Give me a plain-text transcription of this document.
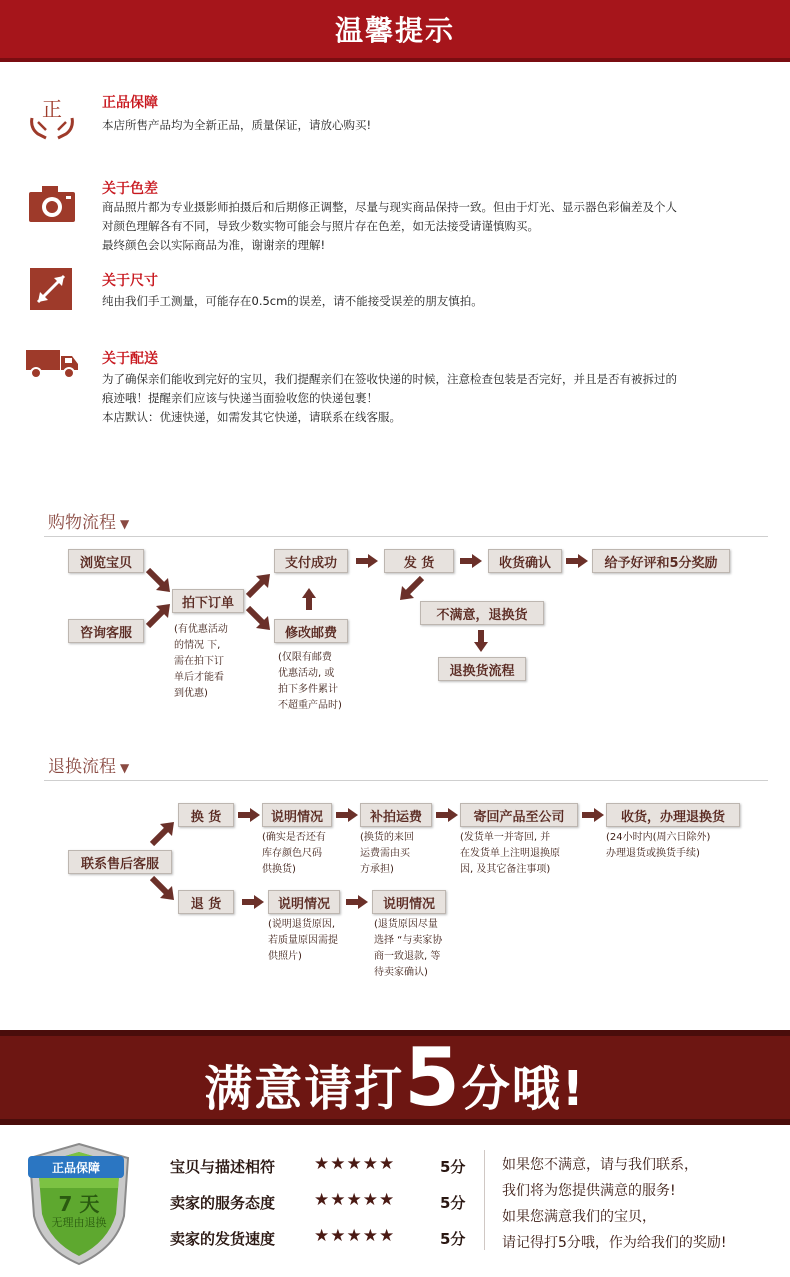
温馨提示
正	正品保障
本店所售产品均为全新正品，质量保证，请放心购买!
关于色差
商品照片都为专业摄影师拍摄后和后期修正调整，尽量与现实商品保持一致。但由于灯光、显示器色彩偏差及个人
对颜色理解各有不同，导致少数实物可能会与照片存在色差，如无法接受请谨慎购买。
最终颜色会以实际商品为准，谢谢亲的理解!
关于尺寸
纯由我们手工测量，可能存在0.5cm的误差，请不能接受误差的朋友慎拍。
关于配送
为了确保亲们能收到完好的宝贝，我们提醒亲们在签收快递的时候，注意检查包装是否完好，并且是否有被拆过的
痕迹哦！提醒亲们应该与快递当面验收您的快递包裹！
本店默认：优速快递，如需发其它快递，请联系在线客服。
购物流程 ▼
浏览宝贝
咨询客服
拍下订单
(有优惠活动
的情况 下,
需在拍下订
单后才能看
到优惠)
支付成功
修改邮费
(仅限有邮费
优惠活动, 或
拍下多件累计
不超重产品时)
发 货	收货确认	给予好评和5分奖励
不满意，退换货
退换货流程
退换流程 ▼
联系售后客服
换 货	说明情况
(确实是否还有
库存颜色尺码
供换货)
补拍运费
(换货的来回
运费需由买
方承担)
寄回产品至公司
(发货单一并寄回, 并
在发货单上注明退换原
因, 及其它备注事项)
收货，办理退换货
(24小时内(周六日除外)
办理退货或换货手续)
退 货	说明情况
(说明退货原因,
若质量原因需提
供照片)
说明情况
(退货原因尽量
选择 “与卖家协
商一致退款, 等
待卖家确认)
满意请打5分哦!
正品保障
7 天
无理由退换
宝贝与描述相符 ★★★★★	5分
卖家的服务态度 ★★★★★	5分
卖家的发货速度 ★★★★★	5分
如果您不满意，请与我们联系，
我们将为您提供满意的服务!
如果您满意我们的宝贝，
请记得打5分哦，作为给我们的奖励!
